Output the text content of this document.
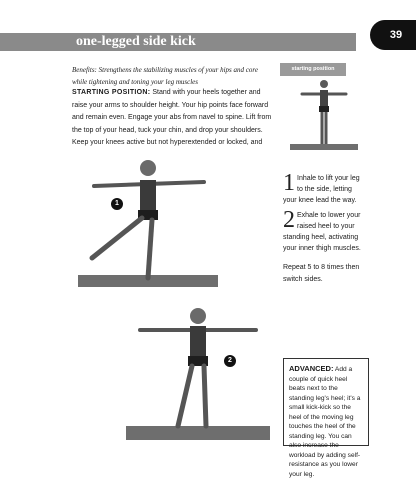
39
one-legged side kick
Benefits: Strengthens the stabilizing muscles of your hips and core while tightening and toning your leg muscles
STARTING POSITION: Stand with your heels together and raise your arms to shoulder height. Your hip points face forward and remain even. Engage your abs from navel to spine. Lift from the top of your head, tuck your chin, and drop your shoulders. Keep your knees active but not hyperextended or locked, and
starting position
1
2
1 Inhale to lift your leg to the side, letting your knee lead the way.
2 Exhale to lower your raised heel to your standing heel, activating your inner thigh muscles.
Repeat 5 to 8 times then switch sides.
ADVANCED: Add a couple of quick heel beats next to the standing leg's heel; it's a small kick-kick so the heel of the moving leg touches the heel of the standing leg. You can also increase the workload by adding self-resistance as you lower your leg.
